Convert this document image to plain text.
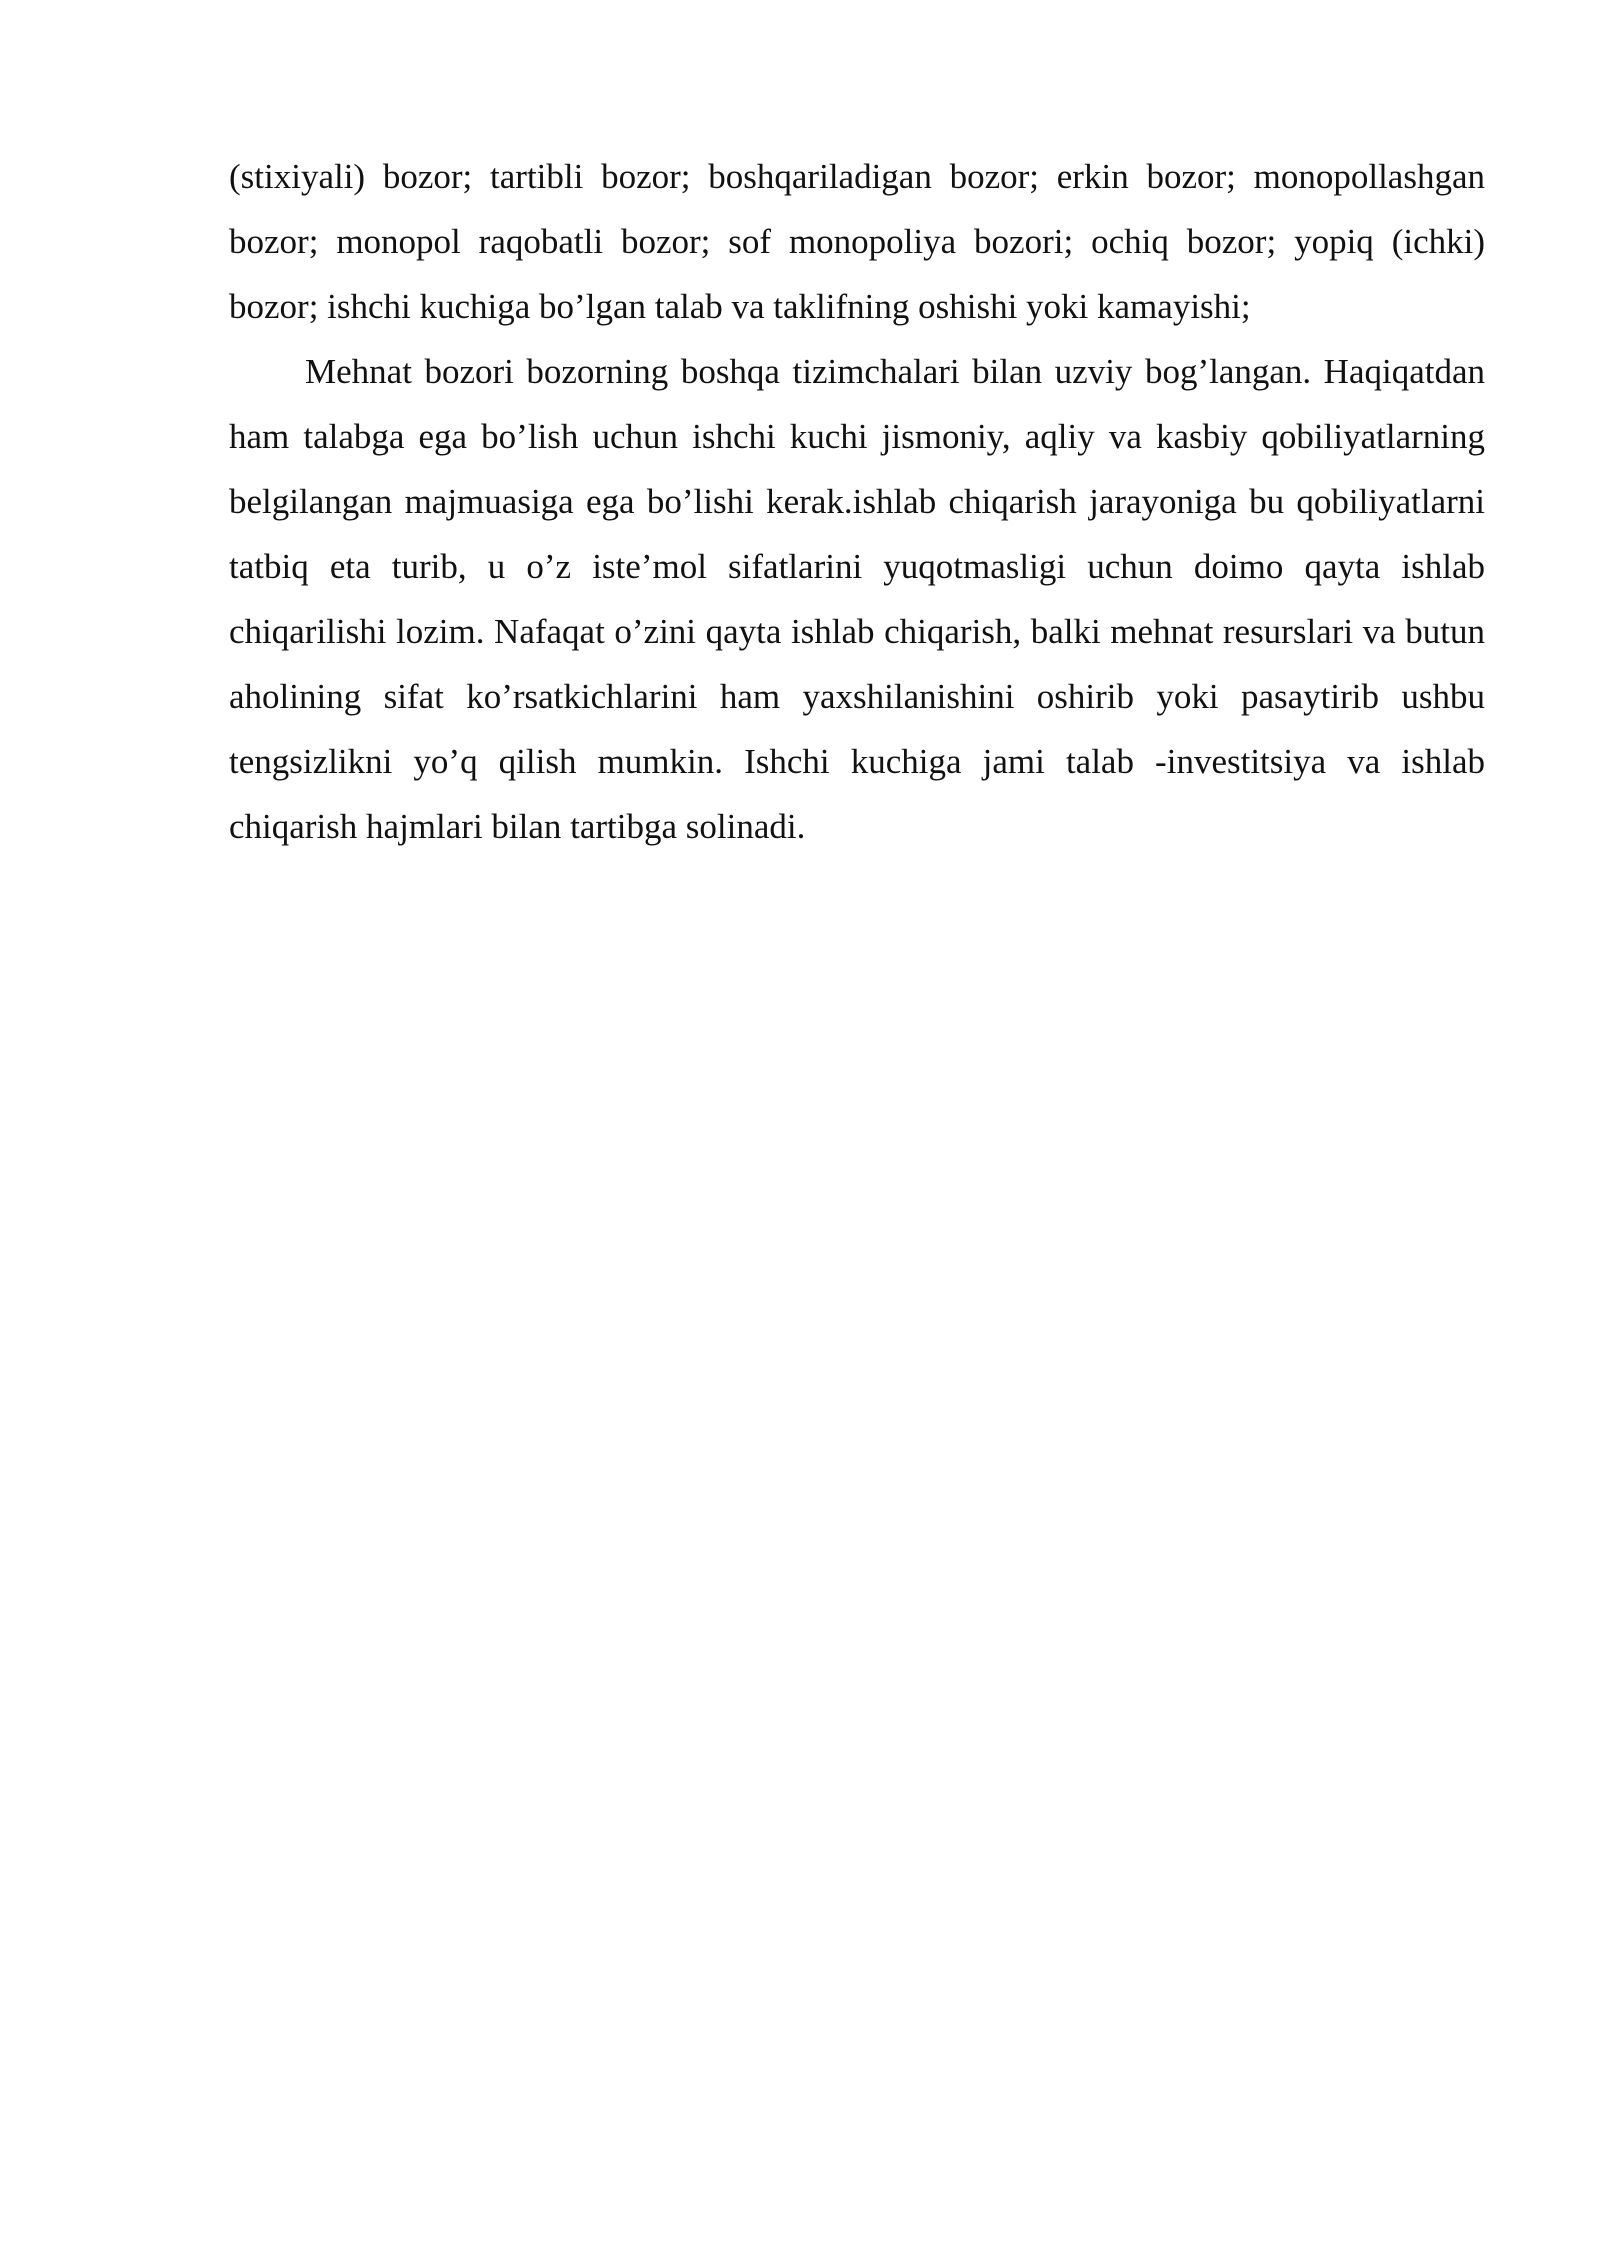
(stixiyali) bozor; tartibli bozor; boshqariladigan bozor; erkin bozor; monopollashgan bozor; monopol raqobatli bozor; sof monopoliya bozori; ochiq bozor; yopiq (ichki) bozor; ishchi kuchiga bo’lgan talab va taklifning oshishi yoki kamayishi;

Mehnat bozori bozorning boshqa tizimchalari bilan uzviy bog’langan. Haqiqatdan ham talabga ega bo’lish uchun ishchi kuchi jismoniy, aqliy va kasbiy qobiliyatlarning belgilangan majmuasiga ega bo’lishi kerak.ishlab chiqarish jarayoniga bu qobiliyatlarni tatbiq eta turib, u o’z iste’mol sifatlarini yuqotmasligi uchun doimo qayta ishlab chiqarilishi lozim. Nafaqat o’zini qayta ishlab chiqarish, balki mehnat resurslari va butun aholining sifat ko’rsatkichlarini ham yaxshilanishini oshirib yoki pasaytirib ushbu tengsizlikni yo’q qilish mumkin. Ishchi kuchiga jami talab -investitsiya va ishlab chiqarish hajmlari bilan tartibga solinadi.
